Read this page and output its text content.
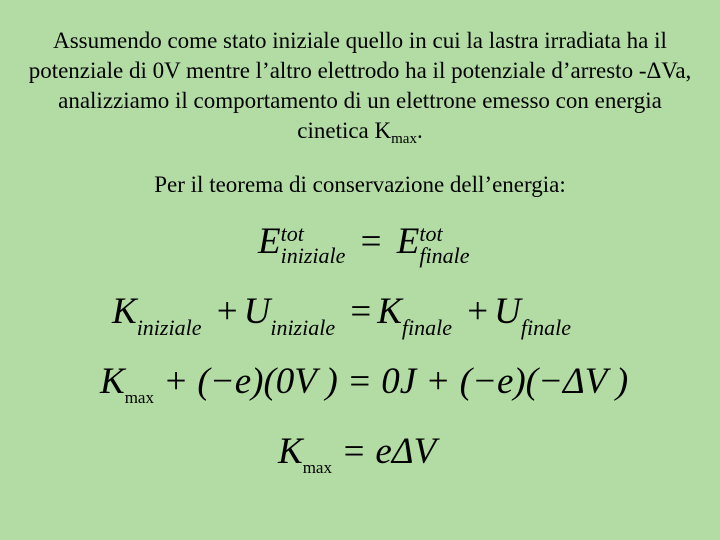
Assumendo come stato iniziale quello in cui la lastra irradiata ha il potenziale di 0V mentre l’altro elettrodo ha il potenziale d’arresto -ΔVa, analizziamo il comportamento di un elettrone emesso con energia cinetica $K_{max}$.

Per il teorema di conservazione dell’energia:

E tot
iniziale = E tot
finale
$K_{iniziale} + U_{iniziale} = K_{finale} + U_{finale}$
$K_{max} + (-e)(0V$ ) = 0J + (−e)(−ΔV )
$K_{max} = e\Delta V$
